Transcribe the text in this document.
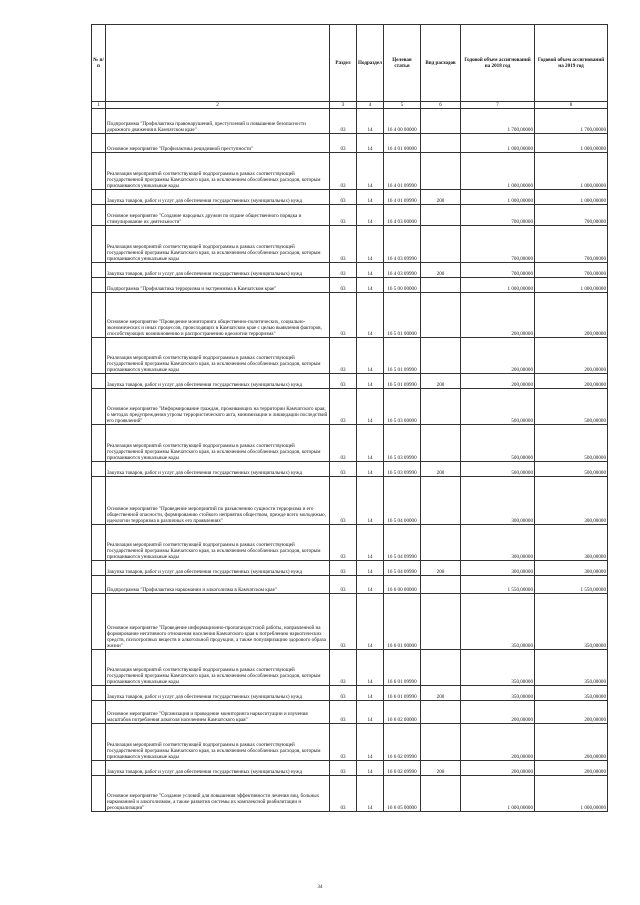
№ п/п		Раздел	Подраздел	Целевая статья	Вид расходов	Годовой объем ассигнований на 2018 год	Годовой объем ассигнований на 2019 год
1	2	3	4	5	6	7	8
	Подпрограмма "Профилактика правонарушений, преступлений и повышение безопасности дорожного движения в Камчатском крае"	03	14	16 4 00 00000		1 700,00000	1 700,00000
	Основное мероприятие "Профилактика рецидивной преступности"	03	14	16 4 01 00000		1 000,00000	1 000,00000
	Реализация мероприятий соответствующей подпрограммы в рамках соответствующей государственной программы Камчатского края, за исключением обособленных расходов, которым присваиваются уникальные коды	03	14	16 4 01 09990		1 000,00000	1 000,00000
	Закупка товаров, работ и услуг для обеспечения государственных (муниципальных) нужд	03	14	16 4 01 09990	200	1 000,00000	1 000,00000
	Основное мероприятие "Создание народных дружин по охране общественного порядка и стимулирование их деятельности"	03	14	16 4 03 00000		700,00000	700,00000
	Реализация мероприятий соответствующей подпрограммы в рамках соответствующей государственной программы Камчатского края, за исключением обособленных расходов, которым присваиваются уникальные коды	03	14	16 4 03 09990		700,00000	700,00000
	Закупка товаров, работ и услуг для обеспечения государственных (муниципальных) нужд	03	14	16 4 03 09990	200	700,00000	700,00000
	Подпрограмма "Профилактика терроризма и экстремизма в Камчатском крае"	03	14	16 5 00 00000		1 000,00000	1 000,00000
	Основное мероприятие "Проведение мониторинга общественно-политических, социально-экономических и иных процессов, происходящих в Камчатском крае с целью выявления факторов, способствующих возникновению и распространению идеологии терроризма"	03	14	16 5 01 00000		200,00000	200,00000
	Реализация мероприятий соответствующей подпрограммы в рамках соответствующей государственной программы Камчатского края, за исключением обособленных расходов, которым присваиваются уникальные коды	03	14	16 5 01 09990		200,00000	200,00000
	Закупка товаров, работ и услуг для обеспечения государственных (муниципальных) нужд	03	14	16 5 01 09990	200	200,00000	200,00000
	Основное мероприятие "Информирование граждан, проживающих на территории Камчатского края, о методах предупреждения угрозы террористического акта, минимизации и ликвидации последствий его проявлений"	03	14	16 5 03 00000		500,00000	500,00000
	Реализация мероприятий соответствующей подпрограммы в рамках соответствующей государственной программы Камчатского края, за исключением обособленных расходов, которым присваиваются уникальные коды	03	14	16 5 03 09990		500,00000	500,00000
	Закупка товаров, работ и услуг для обеспечения государственных (муниципальных) нужд	03	14	16 5 03 09990	200	500,00000	500,00000
	Основное мероприятие "Проведение мероприятий по разъяснению сущности терроризма и его общественной опасности, формированию стойкого неприятия обществом, прежде всего молодежью, идеологии терроризма в различных его проявлениях"	03	14	16 5 04 00000		300,00000	300,00000
	Реализация мероприятий соответствующей подпрограммы в рамках соответствующей государственной программы Камчатского края, за исключением обособленных расходов, которым присваиваются уникальные коды	03	14	16 5 04 09990		300,00000	300,00000
	Закупка товаров, работ и услуг для обеспечения государственных (муниципальных) нужд	03	14	16 5 04 09990	200	300,00000	300,00000
	Подпрограмма "Профилактика наркомании и алкоголизма в Камчатском крае"	03	14	16 6 00 00000		1 550,00000	1 550,00000
	Основное мероприятие "Проведение информационно-пропагандистской работы, направленной на формирование негативного отношения населения Камчатского края к потреблению наркотических средств, психотропных веществ и алкогольной продукции, а также популяризацию здорового образа жизни"	03	14	16 6 01 00000		350,00000	350,00000
	Реализация мероприятий соответствующей подпрограммы в рамках соответствующей государственной программы Камчатского края, за исключением обособленных расходов, которым присваиваются уникальные коды	03	14	16 6 01 09990		350,00000	350,00000
	Закупка товаров, работ и услуг для обеспечения государственных (муниципальных) нужд	03	14	16 6 01 09990	200	350,00000	350,00000
	Основное мероприятие "Организация и проведение мониторинга наркоситуации и изучения масштабов потребления алкоголя населением Камчатского края"	03	14	16 6 02 00000		200,00000	200,00000
	Реализация мероприятий соответствующей подпрограммы в рамках соответствующей государственной программы Камчатского края, за исключением обособленных расходов, которым присваиваются уникальные коды	03	14	16 6 02 09990		200,00000	200,00000
	Закупка товаров, работ и услуг для обеспечения государственных (муниципальных) нужд	03	14	16 6 02 09990	200	200,00000	200,00000
	Основное мероприятие "Создание условий для повышения эффективности лечения лиц, больных наркоманией и алкоголизмом, а также развития системы их комплексной реабилитации и ресоциализации"	03	14	16 6 05 00000		1 000,00000	1 000,00000
34
